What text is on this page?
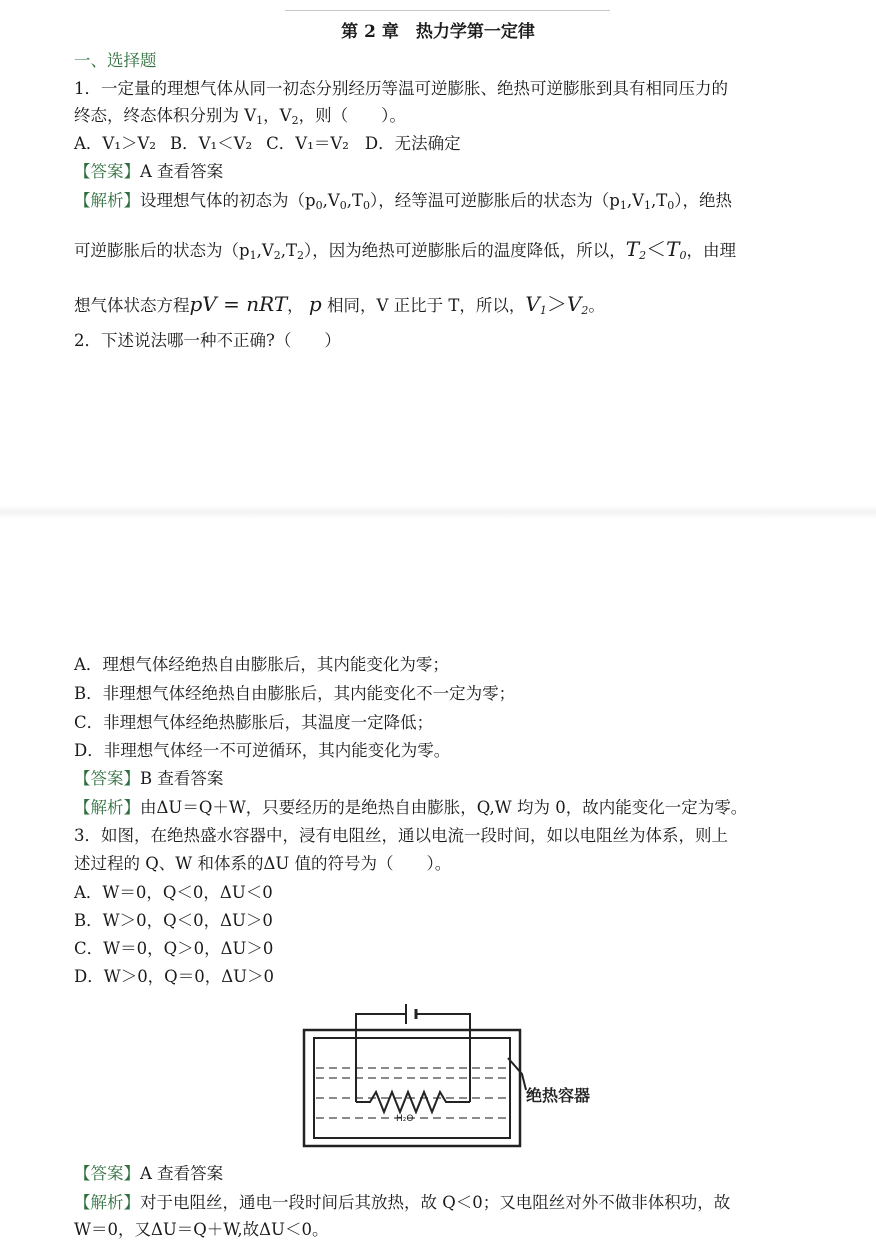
第 2 章　热力学第一定律
一、选择题
1．一定量的理想气体从同一初态分别经历等温可逆膨胀、绝热可逆膨胀到具有相同压力的
终态，终态体积分别为 $V_1$，$V_2$，则（　　）。
A．V₁＞V₂ B．V₁＜V₂ C．V₁＝V₂ D．无法确定
【答案】A 查看答案
【解析】设理想气体的初态为$(p_0,V_0,T_0)$，经等温可逆膨胀后的状态为$(p_1,V_1,T_0)$，绝热
可逆膨胀后的状态为$(p_1,V_2,T_2)$，因为绝热可逆膨胀后的温度降低，所以，$T_2<T_0$，由理
想气体状态方程pV = nRT， p 相同，V 正比于 T，所以，$V_1>V_2$。
2．下述说法哪一种不正确?（　　）
A．理想气体经绝热自由膨胀后，其内能变化为零；
B．非理想气体经绝热自由膨胀后，其内能变化不一定为零；
C．非理想气体经绝热膨胀后，其温度一定降低；
D．非理想气体经一不可逆循环，其内能变化为零。
【答案】B 查看答案
【解析】由ΔU＝Q＋W，只要经历的是绝热自由膨胀，Q,W 均为 0，故内能变化一定为零。
3．如图，在绝热盛水容器中，浸有电阻丝，通以电流一段时间，如以电阻丝为体系，则上
述过程的 Q、W 和体系的ΔU 值的符号为（　　）。
A．W＝0，Q＜0，ΔU＜0
B．W＞0，Q＜0，ΔU＞0
C．W＝0，Q＞0，ΔU＞0
D．W＞0，Q＝0，ΔU＞0
H₂O
绝热容器
【答案】A 查看答案
【解析】对于电阻丝，通电一段时间后其放热，故 Q＜0；又电阻丝对外不做非体积功，故
W＝0，又ΔU＝Q＋W,故ΔU＜0。
